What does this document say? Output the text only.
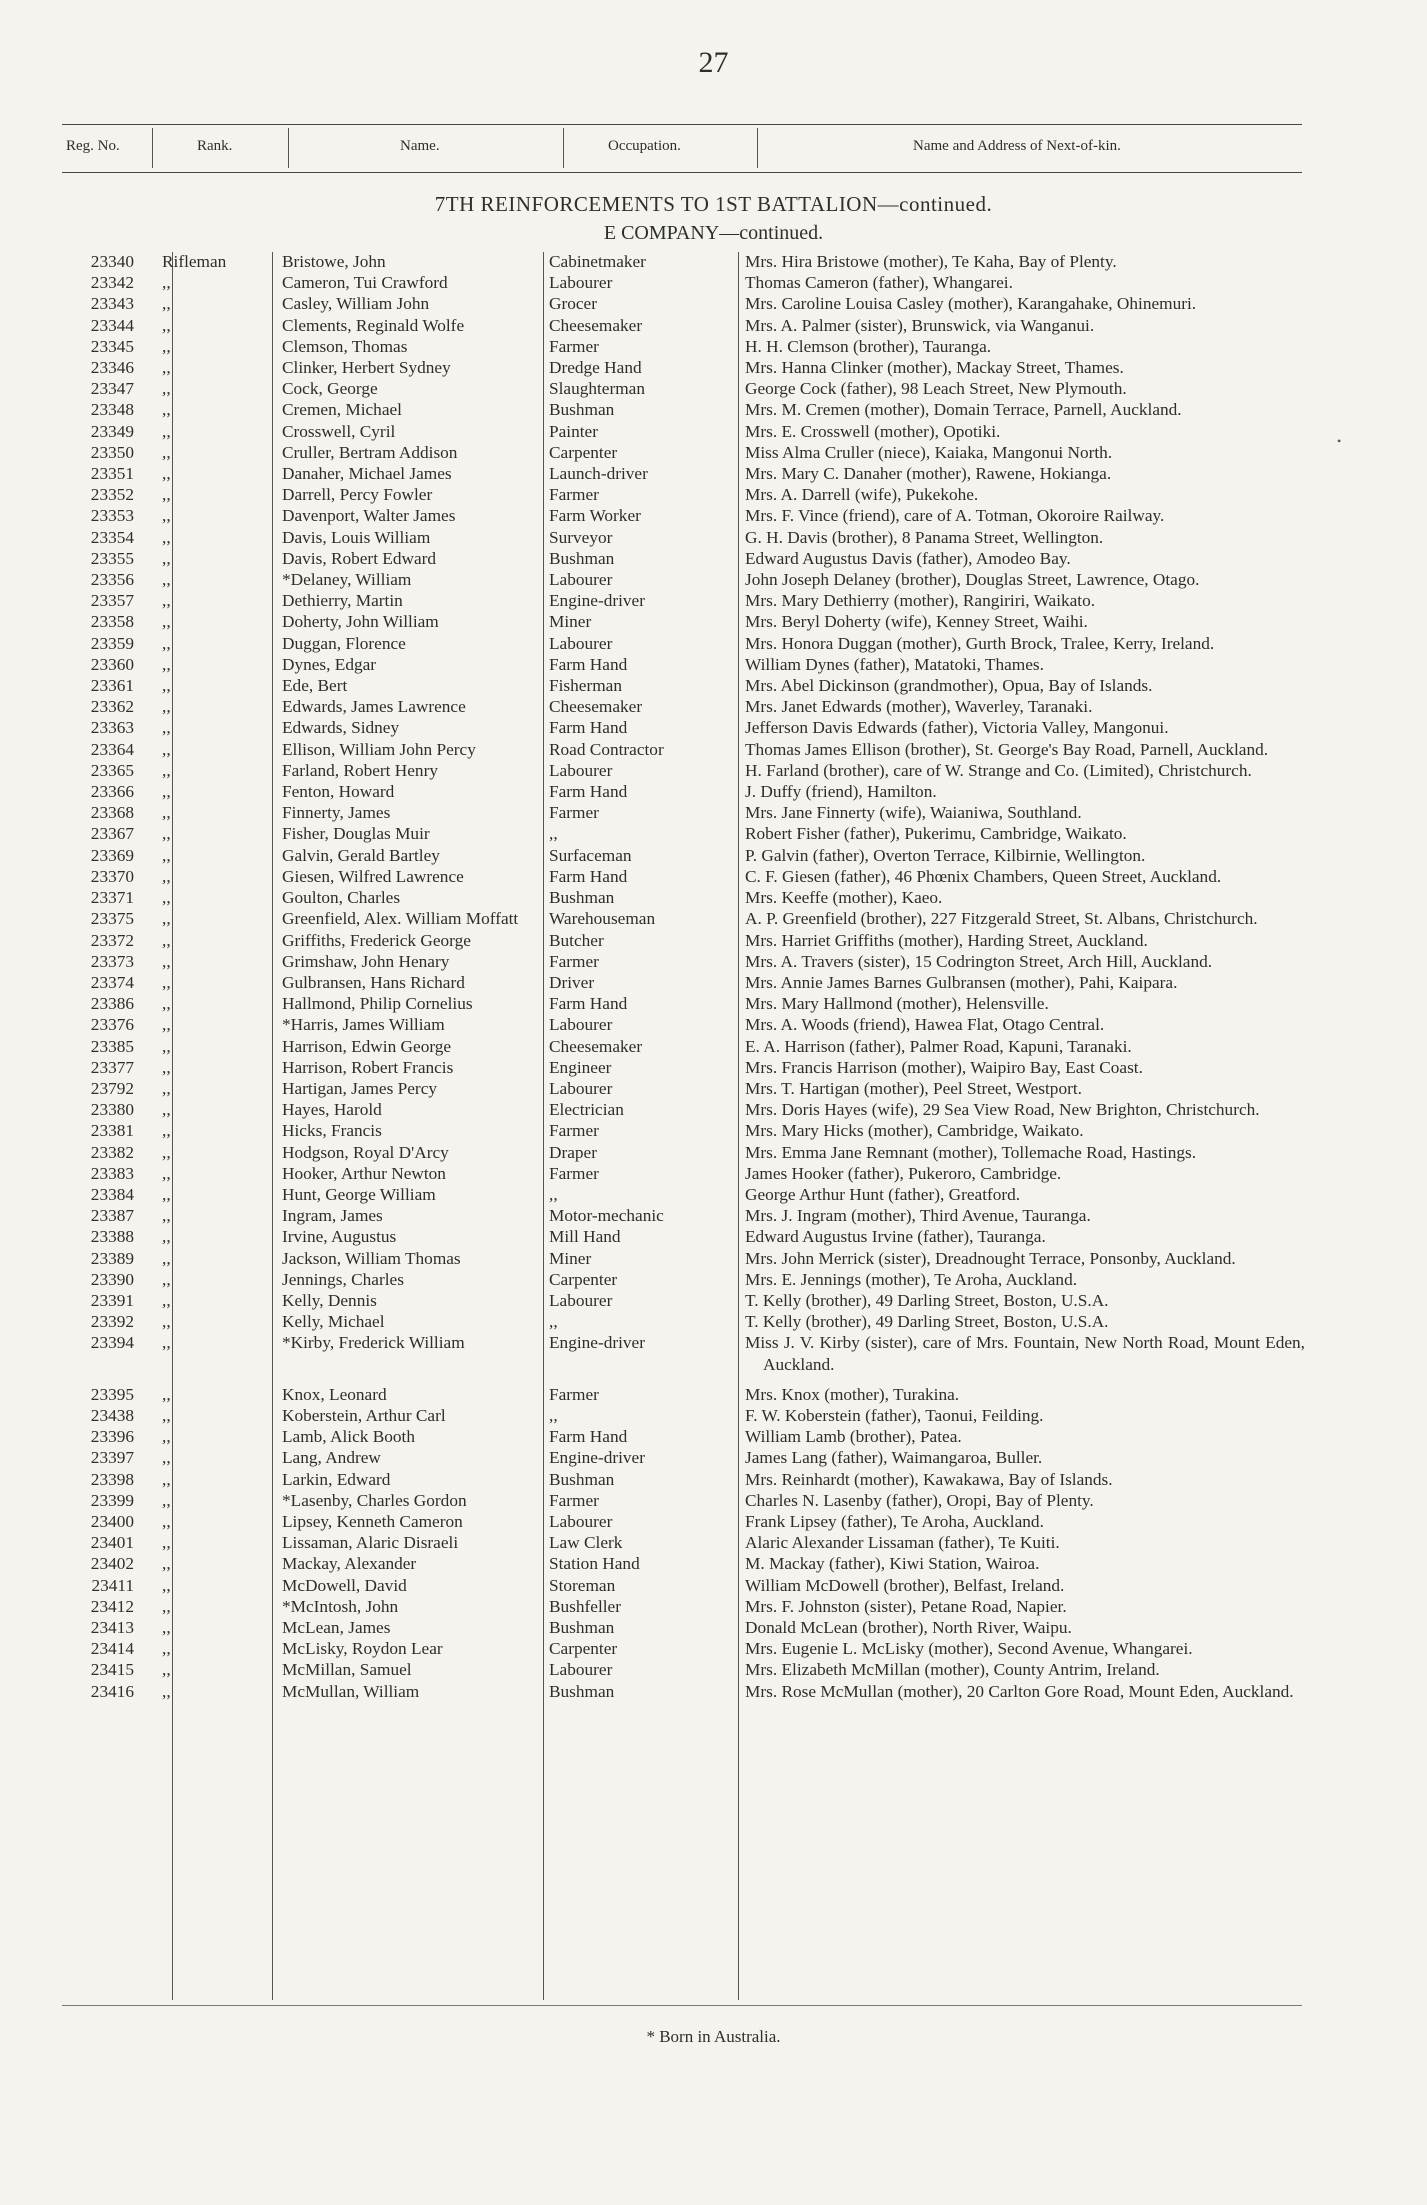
27
Reg. No.	Rank.	Name.	Occupation.	Name and Address of Next-of-kin.
7TH REINFORCEMENTS TO 1ST BATTALION—continued.
E COMPANY—continued.
23340 Rifleman	Bristowe, John	Cabinetmaker	Mrs. Hira Bristowe (mother), Te Kaha, Bay of Plenty.
23342 ,,	Cameron, Tui Crawford	Labourer	Thomas Cameron (father), Whangarei.
23343 ,,	Casley, William John	Grocer	Mrs. Caroline Louisa Casley (mother), Karangahake, Ohinemuri.
23344 ,,	Clements, Reginald Wolfe	Cheesemaker	Mrs. A. Palmer (sister), Brunswick, via Wanganui.
23345 ,,	Clemson, Thomas	Farmer	H. H. Clemson (brother), Tauranga.
23346 ,,	Clinker, Herbert Sydney	Dredge Hand	Mrs. Hanna Clinker (mother), Mackay Street, Thames.
23347 ,,	Cock, George	Slaughterman	George Cock (father), 98 Leach Street, New Plymouth.
23348 ,,	Cremen, Michael	Bushman	Mrs. M. Cremen (mother), Domain Terrace, Parnell, Auckland.
23349 ,,	Crosswell, Cyril	Painter	Mrs. E. Crosswell (mother), Opotiki.
23350 ,,	Cruller, Bertram Addison	Carpenter	Miss Alma Cruller (niece), Kaiaka, Mangonui North.
23351 ,,	Danaher, Michael James	Launch-driver	Mrs. Mary C. Danaher (mother), Rawene, Hokianga.
23352 ,,	Darrell, Percy Fowler	Farmer	Mrs. A. Darrell (wife), Pukekohe.
23353 ,,	Davenport, Walter James	Farm Worker	Mrs. F. Vince (friend), care of A. Totman, Okoroire Railway.
23354 ,,	Davis, Louis William	Surveyor	G. H. Davis (brother), 8 Panama Street, Wellington.
23355 ,,	Davis, Robert Edward	Bushman	Edward Augustus Davis (father), Amodeo Bay.
23356 ,,	*Delaney, William	Labourer	John Joseph Delaney (brother), Douglas Street, Lawrence, Otago.
23357 ,,	Dethierry, Martin	Engine-driver	Mrs. Mary Dethierry (mother), Rangiriri, Waikato.
23358 ,,	Doherty, John William	Miner	Mrs. Beryl Doherty (wife), Kenney Street, Waihi.
23359 ,,	Duggan, Florence	Labourer	Mrs. Honora Duggan (mother), Gurth Brock, Tralee, Kerry, Ireland.
23360 ,,	Dynes, Edgar	Farm Hand	William Dynes (father), Matatoki, Thames.
23361 ,,	Ede, Bert	Fisherman	Mrs. Abel Dickinson (grandmother), Opua, Bay of Islands.
23362 ,,	Edwards, James Lawrence	Cheesemaker	Mrs. Janet Edwards (mother), Waverley, Taranaki.
23363 ,,	Edwards, Sidney	Farm Hand	Jefferson Davis Edwards (father), Victoria Valley, Mangonui.
23364 ,,	Ellison, William John Percy	Road Contractor	Thomas James Ellison (brother), St. George's Bay Road, Parnell, Auckland.
23365 ,,	Farland, Robert Henry	Labourer	H. Farland (brother), care of W. Strange and Co. (Limited), Christchurch.
23366 ,,	Fenton, Howard	Farm Hand	J. Duffy (friend), Hamilton.
23368 ,,	Finnerty, James	Farmer	Mrs. Jane Finnerty (wife), Waianiwa, Southland.
23367 ,,	Fisher, Douglas Muir	,,	Robert Fisher (father), Pukerimu, Cambridge, Waikato.
23369 ,,	Galvin, Gerald Bartley	Surfaceman	P. Galvin (father), Overton Terrace, Kilbirnie, Wellington.
23370 ,,	Giesen, Wilfred Lawrence	Farm Hand	C. F. Giesen (father), 46 Phœnix Chambers, Queen Street, Auckland.
23371 ,,	Goulton, Charles	Bushman	Mrs. Keeffe (mother), Kaeo.
23375 ,,	Greenfield, Alex. William Moffatt	Warehouseman	A. P. Greenfield (brother), 227 Fitzgerald Street, St. Albans, Christchurch.
23372 ,,	Griffiths, Frederick George	Butcher	Mrs. Harriet Griffiths (mother), Harding Street, Auckland.
23373 ,,	Grimshaw, John Henary	Farmer	Mrs. A. Travers (sister), 15 Codrington Street, Arch Hill, Auckland.
23374 ,,	Gulbransen, Hans Richard	Driver	Mrs. Annie James Barnes Gulbransen (mother), Pahi, Kaipara.
23386 ,,	Hallmond, Philip Cornelius	Farm Hand	Mrs. Mary Hallmond (mother), Helensville.
23376 ,,	*Harris, James William	Labourer	Mrs. A. Woods (friend), Hawea Flat, Otago Central.
23385 ,,	Harrison, Edwin George	Cheesemaker	E. A. Harrison (father), Palmer Road, Kapuni, Taranaki.
23377 ,,	Harrison, Robert Francis	Engineer	Mrs. Francis Harrison (mother), Waipiro Bay, East Coast.
23792 ,,	Hartigan, James Percy	Labourer	Mrs. T. Hartigan (mother), Peel Street, Westport.
23380 ,,	Hayes, Harold	Electrician	Mrs. Doris Hayes (wife), 29 Sea View Road, New Brighton, Christchurch.
23381 ,,	Hicks, Francis	Farmer	Mrs. Mary Hicks (mother), Cambridge, Waikato.
23382 ,,	Hodgson, Royal D'Arcy	Draper	Mrs. Emma Jane Remnant (mother), Tollemache Road, Hastings.
23383 ,,	Hooker, Arthur Newton	Farmer	James Hooker (father), Pukeroro, Cambridge.
23384 ,,	Hunt, George William	,,	George Arthur Hunt (father), Greatford.
23387 ,,	Ingram, James	Motor-mechanic	Mrs. J. Ingram (mother), Third Avenue, Tauranga.
23388 ,,	Irvine, Augustus	Mill Hand	Edward Augustus Irvine (father), Tauranga.
23389 ,,	Jackson, William Thomas	Miner	Mrs. John Merrick (sister), Dreadnought Terrace, Ponsonby, Auckland.
23390 ,,	Jennings, Charles	Carpenter	Mrs. E. Jennings (mother), Te Aroha, Auckland.
23391 ,,	Kelly, Dennis	Labourer	T. Kelly (brother), 49 Darling Street, Boston, U.S.A.
23392 ,,	Kelly, Michael	,,	T. Kelly (brother), 49 Darling Street, Boston, U.S.A.
23394 ,,	*Kirby, Frederick William	Engine-driver	Miss J. V. Kirby (sister), care of Mrs. Fountain, New North Road, Mount Eden, Auckland.
23395 ,,	Knox, Leonard	Farmer	Mrs. Knox (mother), Turakina.
23438 ,,	Koberstein, Arthur Carl	,,	F. W. Koberstein (father), Taonui, Feilding.
23396 ,,	Lamb, Alick Booth	Farm Hand	William Lamb (brother), Patea.
23397 ,,	Lang, Andrew	Engine-driver	James Lang (father), Waimangaroa, Buller.
23398 ,,	Larkin, Edward	Bushman	Mrs. Reinhardt (mother), Kawakawa, Bay of Islands.
23399 ,,	*Lasenby, Charles Gordon	Farmer	Charles N. Lasenby (father), Oropi, Bay of Plenty.
23400 ,,	Lipsey, Kenneth Cameron	Labourer	Frank Lipsey (father), Te Aroha, Auckland.
23401 ,,	Lissaman, Alaric Disraeli	Law Clerk	Alaric Alexander Lissaman (father), Te Kuiti.
23402 ,,	Mackay, Alexander	Station Hand	M. Mackay (father), Kiwi Station, Wairoa.
23411 ,,	McDowell, David	Storeman	William McDowell (brother), Belfast, Ireland.
23412 ,,	*McIntosh, John	Bushfeller	Mrs. F. Johnston (sister), Petane Road, Napier.
23413 ,,	McLean, James	Bushman	Donald McLean (brother), North River, Waipu.
23414 ,,	McLisky, Roydon Lear	Carpenter	Mrs. Eugenie L. McLisky (mother), Second Avenue, Whangarei.
23415 ,,	McMillan, Samuel	Labourer	Mrs. Elizabeth McMillan (mother), County Antrim, Ireland.
23416 ,,	McMullan, William	Bushman	Mrs. Rose McMullan (mother), 20 Carlton Gore Road, Mount Eden, Auckland.
* Born in Australia.
•
